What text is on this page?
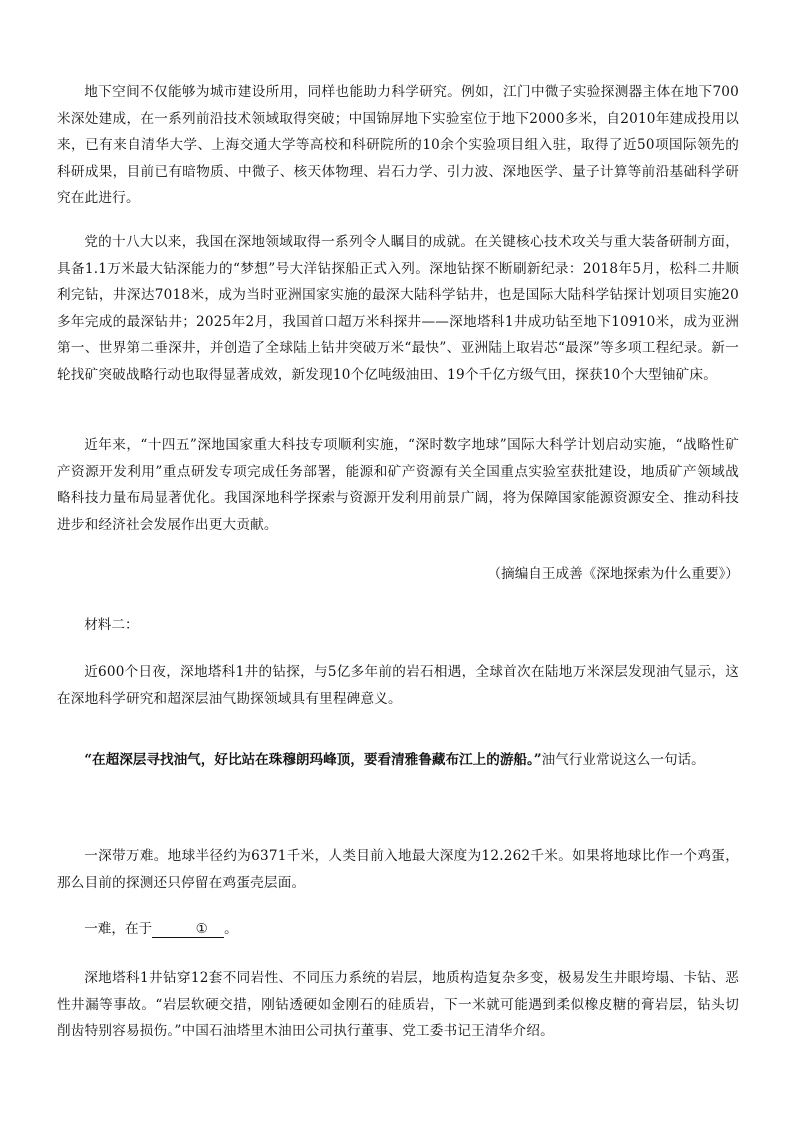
地下空间不仅能够为城市建设所用，同样也能助力科学研究。例如，江门中微子实验探测器主体在地下700米深处建成，在一系列前沿技术领域取得突破；中国锦屏地下实验室位于地下2000多米，自2010年建成投用以来，已有来自清华大学、上海交通大学等高校和科研院所的10余个实验项目组入驻，取得了近50项国际领先的科研成果，目前已有暗物质、中微子、核天体物理、岩石力学、引力波、深地医学、量子计算等前沿基础科学研究在此进行。

党的十八大以来，我国在深地领域取得一系列令人瞩目的成就。在关键核心技术攻关与重大装备研制方面，具备1.1万米最大钻深能力的“梦想”号大洋钻探船正式入列。深地钻探不断刷新纪录：2018年5月，松科二井顺利完钻，井深达7018米，成为当时亚洲国家实施的最深大陆科学钻井，也是国际大陆科学钻探计划项目实施20多年完成的最深钻井；2025年2月，我国首口超万米科探井——深地塔科1井成功钻至地下10910米，成为亚洲第一、世界第二垂深井，并创造了全球陆上钻井突破万米“最快”、亚洲陆上取岩芯“最深”等多项工程纪录。新一轮找矿突破战略行动也取得显著成效，新发现10个亿吨级油田、19个千亿方级气田，探获10个大型铀矿床。

近年来，“十四五”深地国家重大科技专项顺利实施，“深时数字地球”国际大科学计划启动实施，“战略性矿产资源开发利用”重点研发专项完成任务部署，能源和矿产资源有关全国重点实验室获批建设，地质矿产领域战略科技力量布局显著优化。我国深地科学探索与资源开发利用前景广阔，将为保障国家能源资源安全、推动科技进步和经济社会发展作出更大贡献。

（摘编自王成善《深地探索为什么重要》）

材料二：

近600个日夜，深地塔科1井的钻探，与5亿多年前的岩石相遇，全球首次在陆地万米深层发现油气显示，这在深地科学研究和超深层油气勘探领域具有里程碑意义。

“在超深层寻找油气，好比站在珠穆朗玛峰顶，要看清雅鲁藏布江上的游船。”油气行业常说这么一句话。

一深带万难。地球半径约为6371千米，人类目前入地最大深度为12.262千米。如果将地球比作一个鸡蛋，那么目前的探测还只停留在鸡蛋壳层面。

一难，在于	① 。

深地塔科1井钻穿12套不同岩性、不同压力系统的岩层，地质构造复杂多变，极易发生井眼垮塌、卡钻、恶性井漏等事故。“岩层软硬交措，刚钻透硬如金刚石的硅质岩，下一米就可能遇到柔似橡皮糖的膏岩层，钻头切削齿特别容易损伤。”中国石油塔里木油田公司执行董事、党工委书记王清华介绍。
